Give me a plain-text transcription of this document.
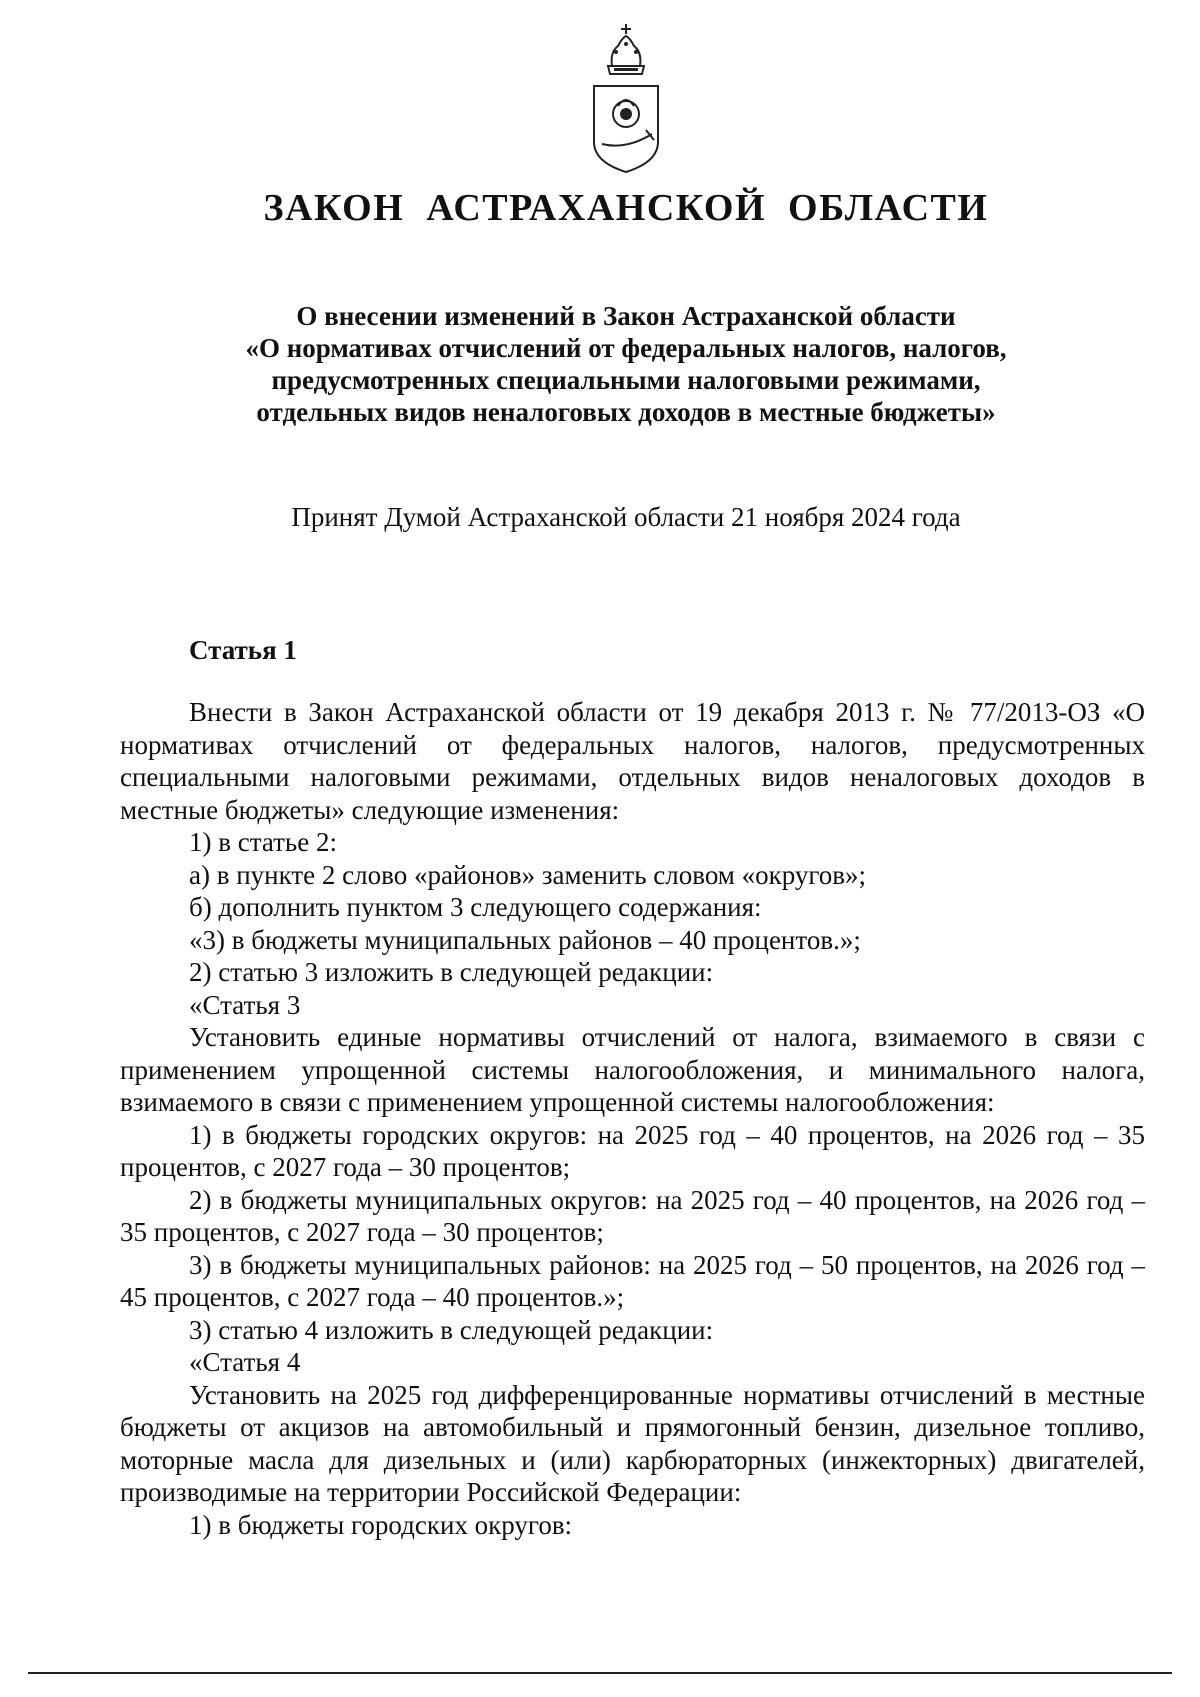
ЗАКОН  АСТРАХАНСКОЙ  ОБЛАСТИ
О внесении изменений в Закон Астраханской области
«О нормативах отчислений от федеральных налогов, налогов,
предусмотренных специальными налоговыми режимами,
отдельных видов неналоговых доходов в местные бюджеты»
Принят Думой Астраханской области 21 ноября 2024 года
Статья 1

Внести в Закон Астраханской области от 19 декабря 2013 г. № 77/2013-ОЗ «О нормативах отчислений от федеральных налогов, налогов, предусмотренных специальными налоговыми режимами, отдельных видов неналоговых доходов в местные бюджеты» следующие изменения:

1) в статье 2:

а) в пункте 2 слово «районов» заменить словом «округов»;

б) дополнить пунктом 3 следующего содержания:

«3) в бюджеты муниципальных районов – 40 процентов.»;

2) статью 3 изложить в следующей редакции:

«Статья 3

Установить единые нормативы отчислений от налога, взимаемого в связи с применением упрощенной системы налогообложения, и минимального налога, взимаемого в связи с применением упрощенной системы налогообложения:

1) в бюджеты городских округов: на 2025 год – 40 процентов, на 2026 год – 35 процентов, с 2027 года – 30 процентов;

2) в бюджеты муниципальных округов: на 2025 год – 40 процентов, на 2026 год – 35 процентов, с 2027 года – 30 процентов;

3) в бюджеты муниципальных районов: на 2025 год – 50 процентов, на 2026 год – 45 процентов, с 2027 года – 40 процентов.»;

3) статью 4 изложить в следующей редакции:

«Статья 4

Установить на 2025 год дифференцированные нормативы отчислений в местные бюджеты от акцизов на автомобильный и прямогонный бензин, дизельное топливо, моторные масла для дизельных и (или) карбюраторных (инжекторных) двигателей, производимые на территории Российской Федерации:

1) в бюджеты городских округов:
